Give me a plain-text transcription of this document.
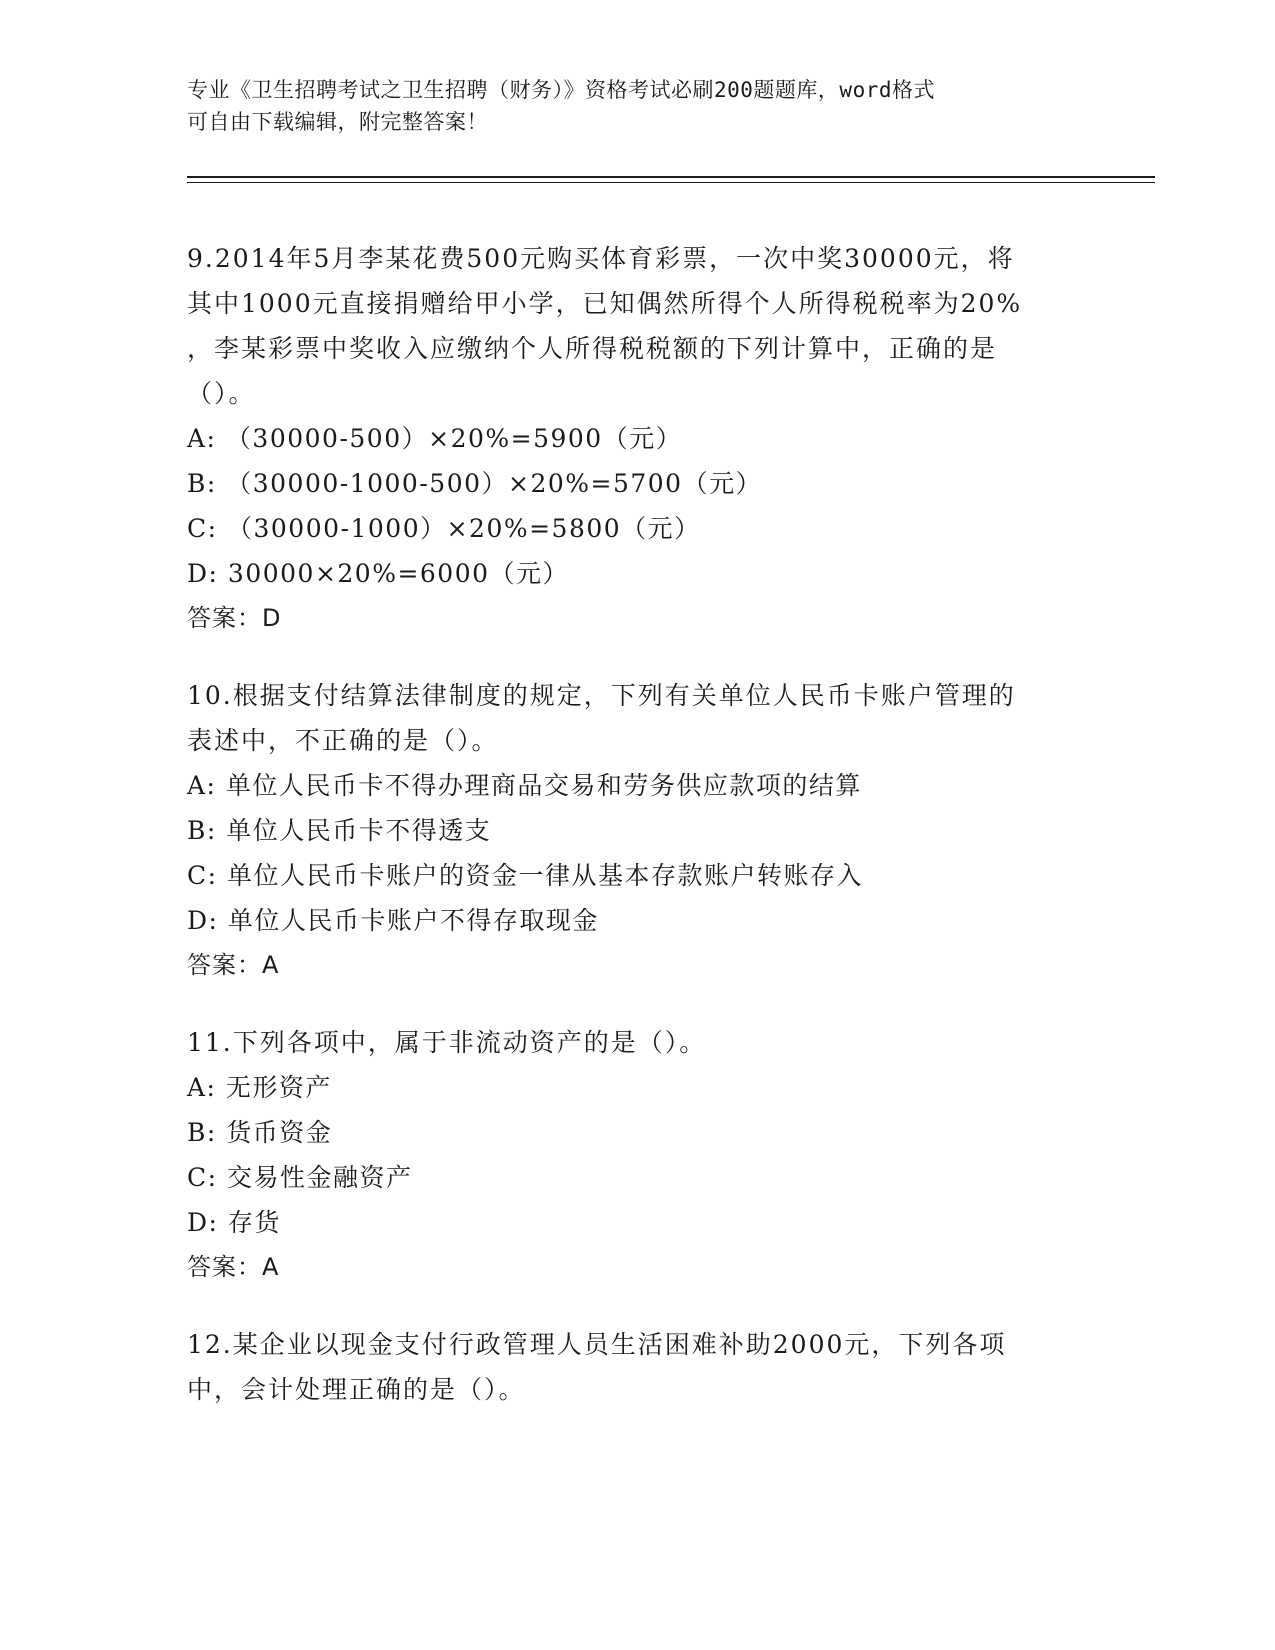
专业《卫生招聘考试之卫生招聘（财务）》资格考试必刷200题题库，word格式
可自由下载编辑，附完整答案！
9.2014年5月李某花费500元购买体育彩票，一次中奖30000元，将
其中1000元直接捐赠给甲小学，已知偶然所得个人所得税税率为20%
，李某彩票中奖收入应缴纳个人所得税税额的下列计算中，正确的是
（）。
A: （30000-500）×20%=5900（元）
B: （30000-1000-500）×20%=5700（元）
C: （30000-1000）×20%=5800（元）
D: 30000×20%=6000（元）
答案：D
10.根据支付结算法律制度的规定，下列有关单位人民币卡账户管理的
表述中，不正确的是（）。
A: 单位人民币卡不得办理商品交易和劳务供应款项的结算
B: 单位人民币卡不得透支
C: 单位人民币卡账户的资金一律从基本存款账户转账存入
D: 单位人民币卡账户不得存取现金
答案：A
11.下列各项中，属于非流动资产的是（）。
A: 无形资产
B: 货币资金
C: 交易性金融资产
D: 存货
答案：A
12.某企业以现金支付行政管理人员生活困难补助2000元，下列各项
中，会计处理正确的是（）。
